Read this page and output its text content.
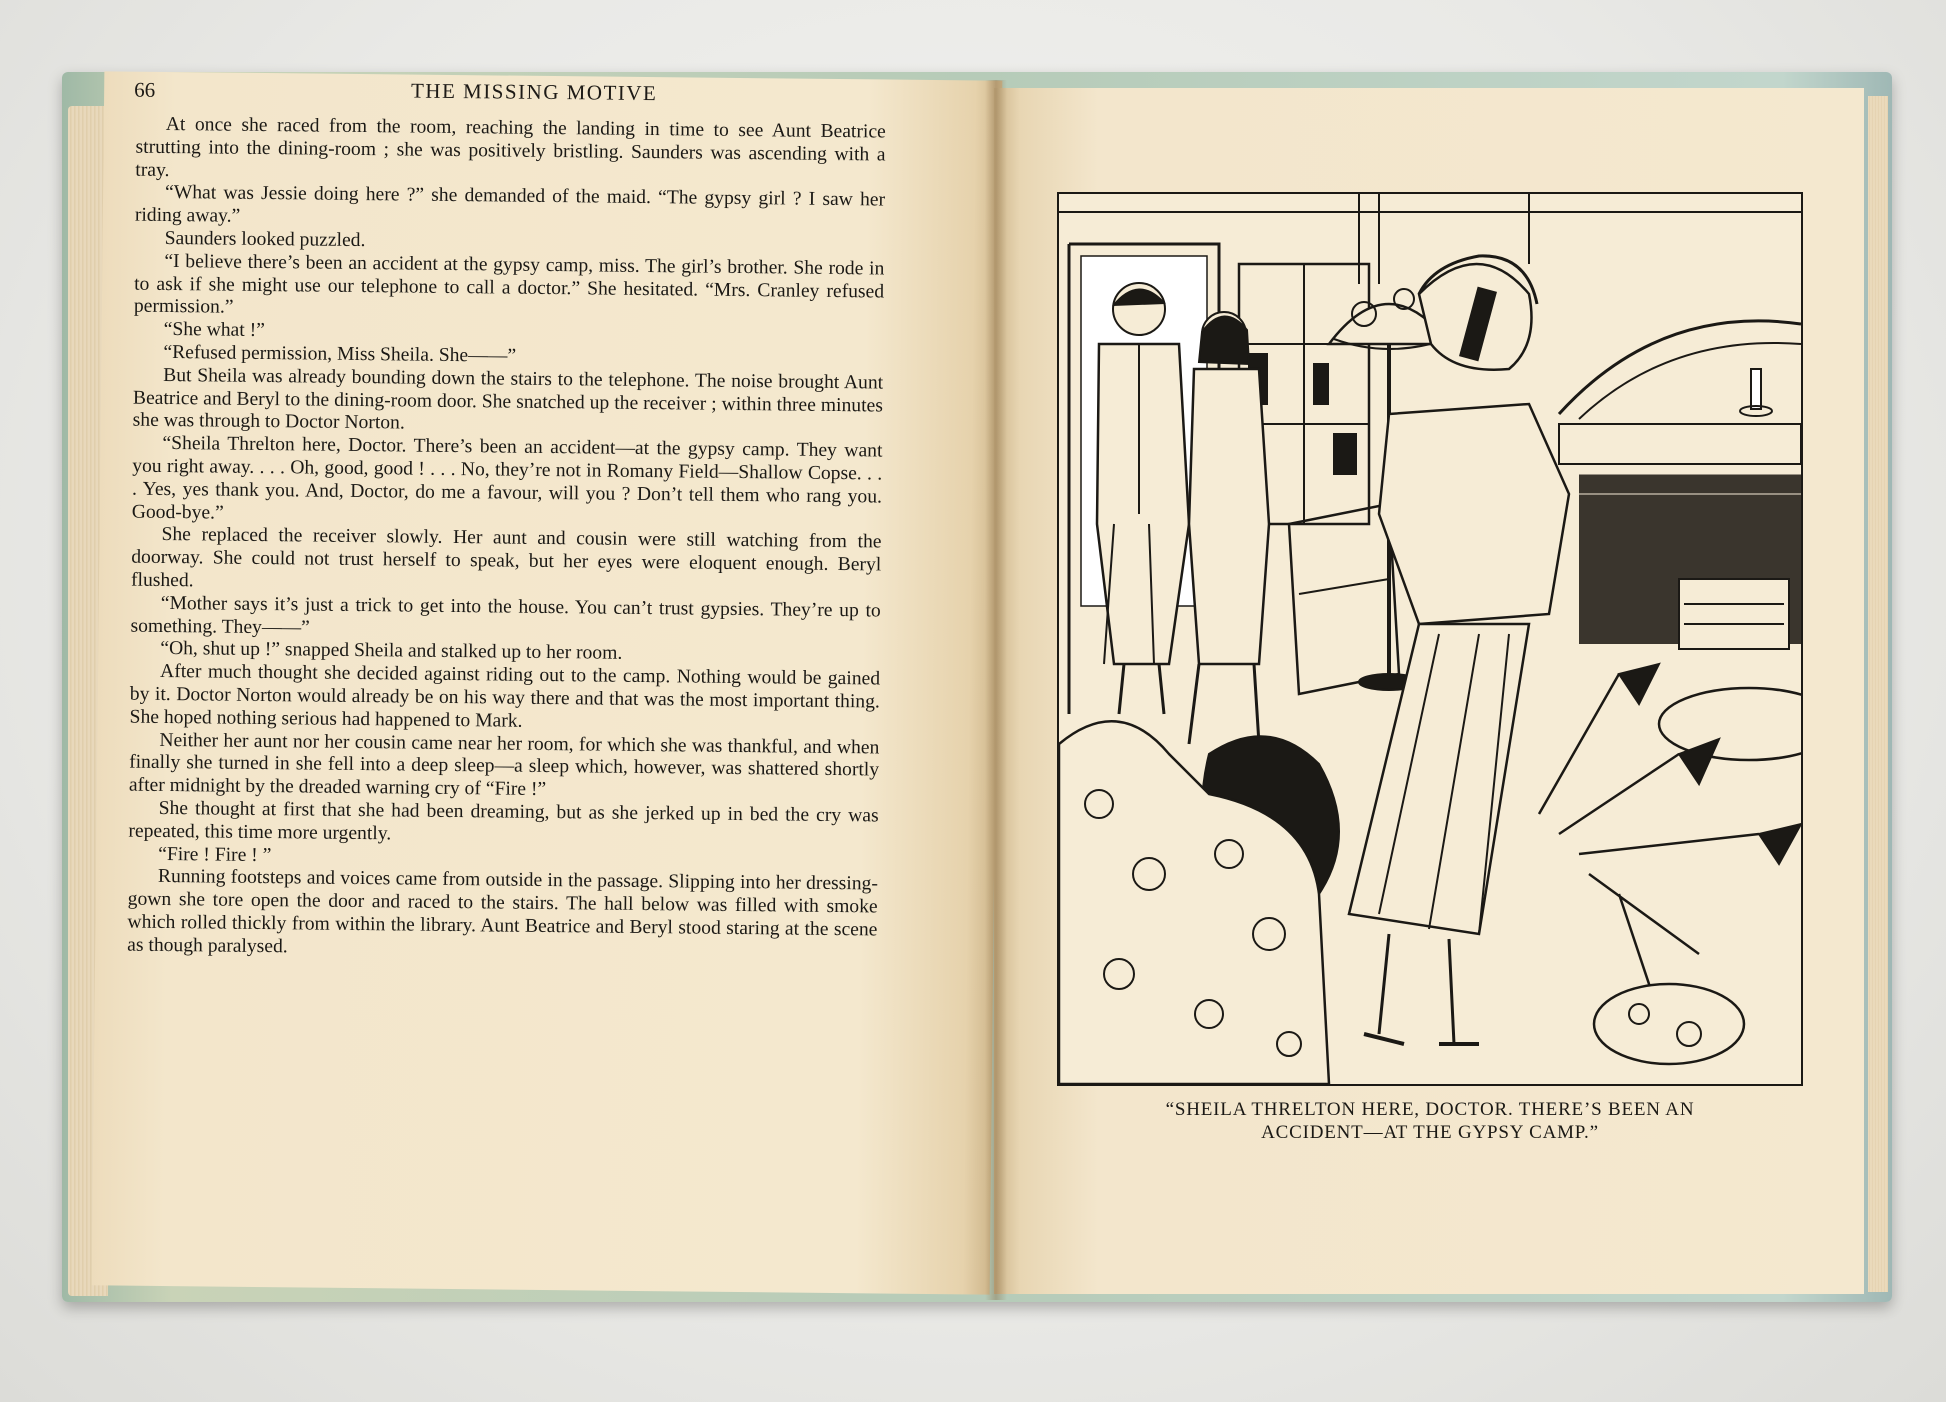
66	THE MISSING MOTIVE

At once she raced from the room, reaching the landing in time to see Aunt Beatrice strutting into the dining-room ; she was positively bristling. Saunders was ascending with a tray.

“What was Jessie doing here ?” she demanded of the maid. “The gypsy girl ? I saw her riding away.”

Saunders looked puzzled.

“I believe there’s been an accident at the gypsy camp, miss. The girl’s brother. She rode in to ask if she might use our telephone to call a doctor.” She hesitated. “Mrs. Cranley refused permission.”

“She what !”

“Refused permission, Miss Sheila. She——”

But Sheila was already bounding down the stairs to the telephone. The noise brought Aunt Beatrice and Beryl to the dining-room door. She snatched up the receiver ; within three minutes she was through to Doctor Norton.

“Sheila Threlton here, Doctor. There’s been an accident—at the gypsy camp. They want you right away. . . . Oh, good, good ! . . . No, they’re not in Romany Field—Shallow Copse. . . . Yes, yes thank you. And, Doctor, do me a favour, will you ? Don’t tell them who rang you. Good-bye.”

She replaced the receiver slowly. Her aunt and cousin were still watching from the doorway. She could not trust herself to speak, but her eyes were eloquent enough. Beryl flushed.

“Mother says it’s just a trick to get into the house. You can’t trust gypsies. They’re up to something. They——”

“Oh, shut up !” snapped Sheila and stalked up to her room.

After much thought she decided against riding out to the camp. Nothing would be gained by it. Doctor Norton would already be on his way there and that was the most important thing. She hoped nothing serious had happened to Mark.

Neither her aunt nor her cousin came near her room, for which she was thankful, and when finally she turned in she fell into a deep sleep—a sleep which, however, was shattered shortly after midnight by the dreaded warning cry of “Fire !”

She thought at first that she had been dreaming, but as she jerked up in bed the cry was repeated, this time more urgently.

“Fire ! Fire ! ”

Running footsteps and voices came from outside in the passage. Slipping into her dressing-gown she tore open the door and raced to the stairs. The hall below was filled with smoke which rolled thickly from within the library. Aunt Beatrice and Beryl stood staring at the scene as though paralysed.

“SHEILA THRELTON HERE, DOCTOR. THERE’S BEEN AN
ACCIDENT—AT THE GYPSY CAMP.”
